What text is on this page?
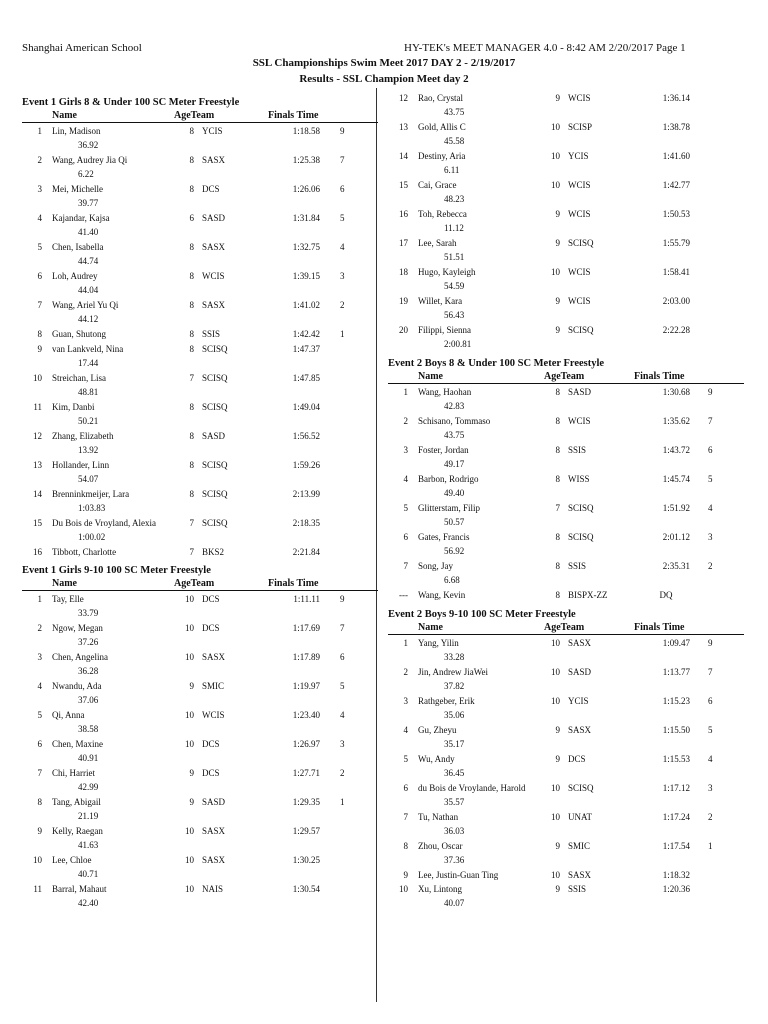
Shanghai American School	HY-TEK's MEET MANAGER 4.0 - 8:42 AM 2/20/2017 Page 1
SSL Championships Swim Meet 2017 DAY 2 - 2/19/2017
Results - SSL Champion Meet day 2
Event 1 Girls 8 & Under 100 SC Meter Freestyle
Name	AgeTeam	Finals Time
1 Lin, Madison	8 YCIS	1:18.58 9
36.92
2 Wang, Audrey Jia Qi	8 SASX	1:25.38 7
6.22
3 Mei, Michelle	8 DCS	1:26.06 6
39.77
4 Kajandar, Kajsa	6 SASD	1:31.84 5
41.40
5 Chen, Isabella	8 SASX	1:32.75 4
44.74
6 Loh, Audrey	8 WCIS	1:39.15 3
44.04
7 Wang, Ariel Yu Qi	8 SASX	1:41.02 2
44.12
8 Guan, Shutong	8 SSIS	1:42.42 1
9 van Lankveld, Nina	8 SCISQ	1:47.37
17.44
10 Streichan, Lisa	7 SCISQ	1:47.85
48.81
11 Kim, Danbi	8 SCISQ	1:49.04
50.21
12 Zhang, Elizabeth	8 SASD	1:56.52
13.92
13 Hollander, Linn	8 SCISQ	1:59.26
54.07
14 Brenninkmeijer, Lara	8 SCISQ	2:13.99
1:03.83
15 Du Bois de Vroyland, Alexia	7 SCISQ	2:18.35
1:00.02
16 Tibbott, Charlotte	7 BKS2	2:21.84
Event 1 Girls 9-10 100 SC Meter Freestyle
Name	AgeTeam	Finals Time
1 Tay, Elle	10 DCS	1:11.11 9
33.79
2 Ngow, Megan	10 DCS	1:17.69 7
37.26
3 Chen, Angelina	10 SASX	1:17.89 6
36.28
4 Nwandu, Ada	9 SMIC	1:19.97 5
37.06
5 Qi, Anna	10 WCIS	1:23.40 4
38.58
6 Chen, Maxine	10 DCS	1:26.97 3
40.91
7 Chi, Harriet	9 DCS	1:27.71 2
42.99
8 Tang, Abigail	9 SASD	1:29.35 1
21.19
9 Kelly, Raegan	10 SASX	1:29.57
41.63
10 Lee, Chloe	10 SASX	1:30.25
40.71
11 Barral, Mahaut	10 NAIS	1:30.54
42.40
12 Rao, Crystal	9 WCIS	1:36.14
43.75
13 Gold, Allis C	10 SCISP	1:38.78
45.58
14 Destiny, Aria	10 YCIS	1:41.60
6.11
15 Cai, Grace	10 WCIS	1:42.77
48.23
16 Toh, Rebecca	9 WCIS	1:50.53
11.12
17 Lee, Sarah	9 SCISQ	1:55.79
51.51
18 Hugo, Kayleigh	10 WCIS	1:58.41
54.59
19 Willet, Kara	9 WCIS	2:03.00
56.43
20 Filippi, Sienna	9 SCISQ	2:22.28
2:00.81
Event 2 Boys 8 & Under 100 SC Meter Freestyle
Name	AgeTeam	Finals Time
1 Wang, Haohan	8 SASD	1:30.68 9
42.83
2 Schisano, Tommaso	8 WCIS	1:35.62 7
43.75
3 Foster, Jordan	8 SSIS	1:43.72 6
49.17
4 Barbon, Rodrigo	8 WISS	1:45.74 5
49.40
5 Glitterstam, Filip	7 SCISQ	1:51.92 4
50.57
6 Gates, Francis	8 SCISQ	2:01.12 3
56.92
7 Song, Jay	8 SSIS	2:35.31 2
6.68
--- Wang, Kevin	8 BISPX-ZZ	DQ
Event 2 Boys 9-10 100 SC Meter Freestyle
Name	AgeTeam	Finals Time
1 Yang, Yilin	10 SASX	1:09.47 9
33.28
2 Jin, Andrew JiaWei	10 SASD	1:13.77 7
37.82
3 Rathgeber, Erik	10 YCIS	1:15.23 6
35.06
4 Gu, Zheyu	9 SASX	1:15.50 5
35.17
5 Wu, Andy	9 DCS	1:15.53 4
36.45
6 du Bois de Vroylande, Harold	10 SCISQ	1:17.12 3
35.57
7 Tu, Nathan	10 UNAT	1:17.24 2
36.03
8 Zhou, Oscar	9 SMIC	1:17.54 1
37.36
9 Lee, Justin-Guan Ting	10 SASX	1:18.32
10 Xu, Lintong	9 SSIS	1:20.36
40.07
